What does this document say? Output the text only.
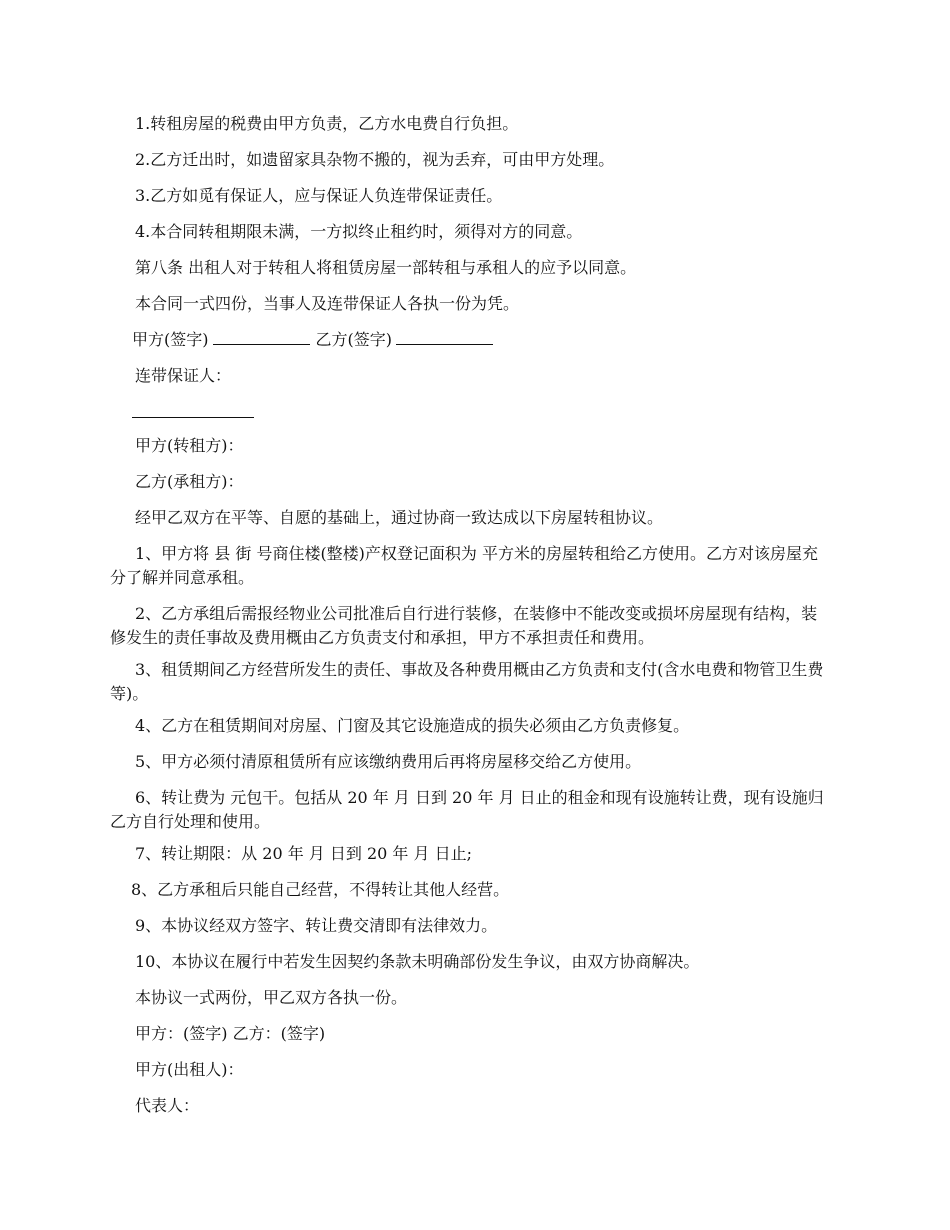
1.转租房屋的税费由甲方负责，乙方水电费自行负担。
2.乙方迁出时，如遗留家具杂物不搬的，视为丢弃，可由甲方处理。
3.乙方如觅有保证人，应与保证人负连带保证责任。
4.本合同转租期限未满，一方拟终止租约时，须得对方的同意。
第八条 出租人对于转租人将租赁房屋一部转租与承租人的应予以同意。
本合同一式四份，当事人及连带保证人各执一份为凭。
甲方(签字)	乙方(签字)
连带保证人：
甲方(转租方)：
乙方(承租方)：
经甲乙双方在平等、自愿的基础上，通过协商一致达成以下房屋转租协议。
1、甲方将 县 街 号商住楼(整楼)产权登记面积为 平方米的房屋转租给乙方使用。乙方对该房屋充分了解并同意承租。
2、乙方承组后需报经物业公司批准后自行进行装修，在装修中不能改变或损坏房屋现有结构，装修发生的责任事故及费用概由乙方负责支付和承担，甲方不承担责任和费用。
3、租赁期间乙方经营所发生的责任、事故及各种费用概由乙方负责和支付(含水电费和物管卫生费等)。
4、乙方在租赁期间对房屋、门窗及其它设施造成的损失必须由乙方负责修复。
5、甲方必须付清原租赁所有应该缴纳费用后再将房屋移交给乙方使用。
6、转让费为 元包干。包括从 20 年 月 日到 20 年 月 日止的租金和现有设施转让费，现有设施归乙方自行处理和使用。
7、转让期限：从 20 年 月 日到 20 年 月 日止;
8、乙方承租后只能自己经营，不得转让其他人经营。
9、本协议经双方签字、转让费交清即有法律效力。
10、本协议在履行中若发生因契约条款未明确部份发生争议，由双方协商解决。
本协议一式两份，甲乙双方各执一份。
甲方：(签字) 乙方：(签字)
甲方(出租人)：
代表人：
